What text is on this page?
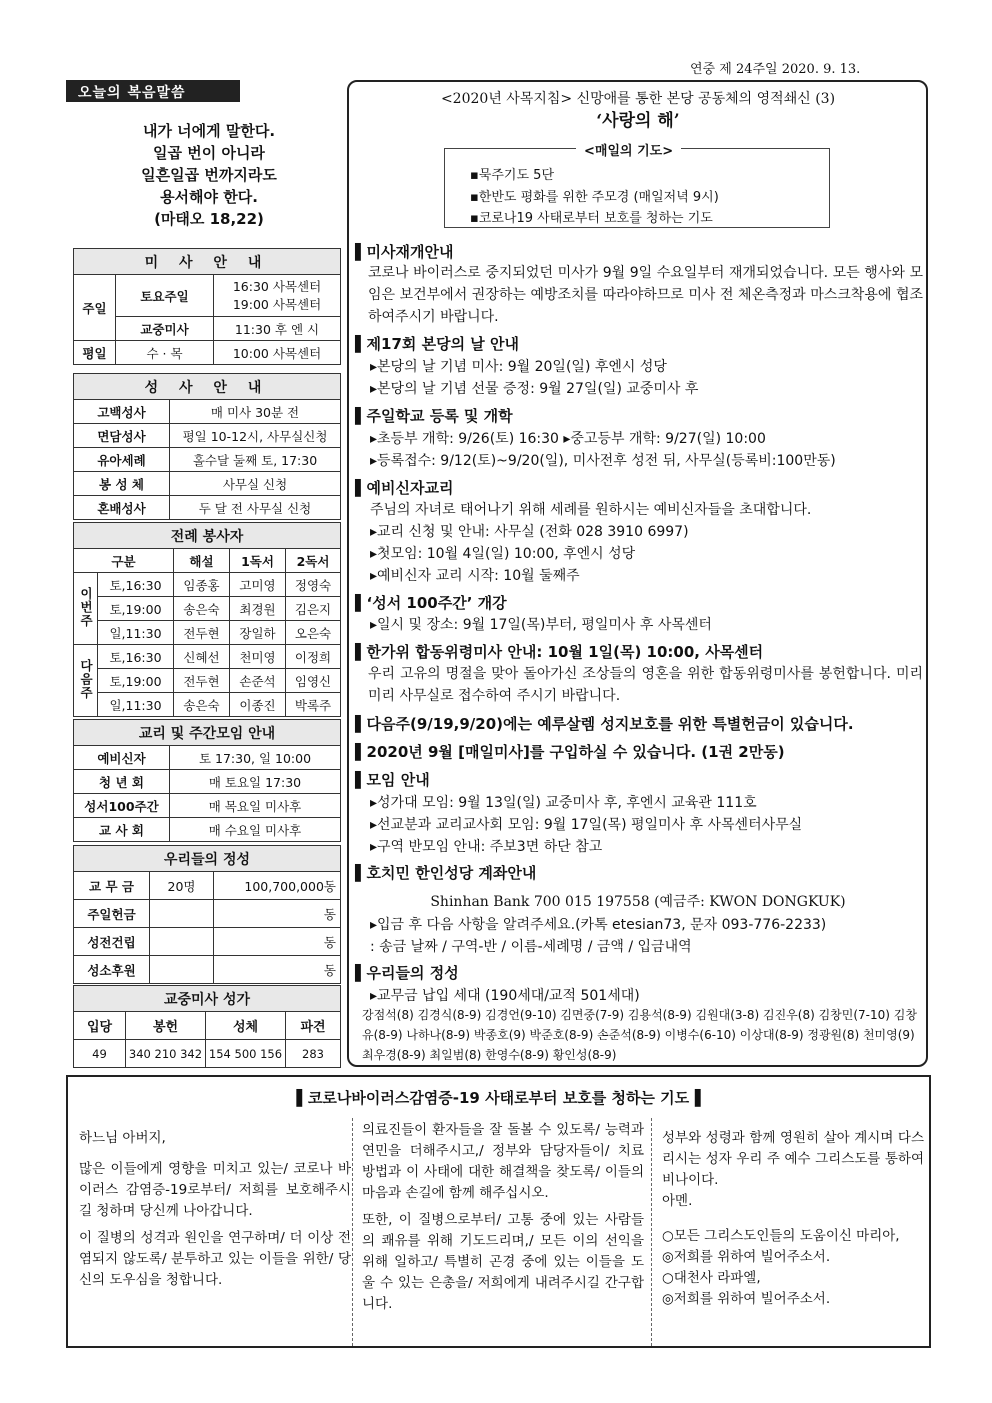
연중 제 24주일 2020. 9. 13.
오늘의 복음말씀
내가 너에게 말한다.
일곱 번이 아니라
일흔일곱 번까지라도
용서해야 한다.
(마태오 18,22)
미 사 안 내		
주일	토요주일	16:30 사목센터
19:00 사목센터

	교중미사	11:30 후 엔 시
평일	수 · 목	10:00 사목센터
성 사 안 내	
고백성사	매 미사 30분 전
면담성사	평일 10-12시, 사무실신청
유아세례	홀수달 둘째 토, 17:30
봉 성 체	사무실 신청
혼배성사	두 달 전 사무실 신청
전례 봉사자				
구분		해설	1독서	2독서
이번주	토,16:30	임종홍	고미영	정영숙
	토,19:00	송은숙	최경원	김은지
	일,11:30	전두현	장일하	오은숙
다음주	토,16:30	신혜선	천미영	이정희
	토,19:00	전두현	손준석	임영신
	일,11:30	송은숙	이종진	박록주
교리 및 주간모임 안내	
예비신자	토 17:30, 일 10:00
청 년 회	매 토요일 17:30
성서100주간	매 목요일 미사후
교 사 회	매 수요일 미사후
우리들의 정성		
교 무 금	20명	100,700,000동
주일헌금		동
성전건립		동
성소후원		동
교중미사 성가			
입당	봉헌	성체	파견
49	340 210 342	154 500 156	283
<2020년 사목지침> 신망애를 통한 본당 공동체의 영적쇄신 (3)
‘사랑의 해’
<매일의 기도>
▪묵주기도 5단
▪한반도 평화를 위한 주모경 (매일저녁 9시)
▪코로나19 사태로부터 보호를 청하는 기도
▌미사재개안내
코로나 바이러스로 중지되었던 미사가 9월 9일 수요일부터 재개되었습니다. 모든 행사와 모임은 보건부에서 권장하는 예방조치를 따라야하므로 미사 전 체온측정과 마스크착용에 협조하여주시기 바랍니다.
▌제17회 본당의 날 안내
▸본당의 날 기념 미사: 9월 20일(일) 후엔시 성당
▸본당의 날 기념 선물 증정: 9월 27일(일) 교중미사 후
▌주일학교 등록 및 개학
▸초등부 개학: 9/26(토) 16:30 ▸중고등부 개학: 9/27(일) 10:00
▸등록접수: 9/12(토)~9/20(일), 미사전후 성전 뒤, 사무실(등록비:100만동)
▌예비신자교리
주님의 자녀로 태어나기 위해 세례를 원하시는 예비신자들을 초대합니다.
▸교리 신청 및 안내: 사무실 (전화 028 3910 6997)
▸첫모임: 10월 4일(일) 10:00, 후엔시 성당
▸예비신자 교리 시작: 10월 둘째주
▌‘성서 100주간’ 개강
▸일시 및 장소: 9월 17일(목)부터, 평일미사 후 사목센터
▌한가위 합동위령미사 안내: 10월 1일(목) 10:00, 사목센터
우리 고유의 명절을 맞아 돌아가신 조상들의 영혼을 위한 합동위령미사를 봉헌합니다. 미리 미리 사무실로 접수하여 주시기 바랍니다.
▌다음주(9/19,9/20)에는 예루살렘 성지보호를 위한 특별헌금이 있습니다.
▌2020년 9월 [매일미사]를 구입하실 수 있습니다. (1권 2만동)
▌모임 안내
▸성가대 모임: 9월 13일(일) 교중미사 후, 후엔시 교육관 111호
▸선교분과 교리교사회 모임: 9월 17일(목) 평일미사 후 사목센터사무실
▸구역 반모임 안내: 주보3면 하단 참고
▌호치민 한인성당 계좌안내
Shinhan Bank 700 015 197558 (예금주: KWON DONGKUK)
▸입금 후 다음 사항을 알려주세요.(카톡 etesian73, 문자 093-776-2233)
: 송금 날짜 / 구역-반 / 이름-세례명 / 금액 / 입금내역
▌우리들의 정성
▸교무금 납입 세대 (190세대/교적 501세대)
강점석(8) 김경식(8-9) 김경언(9-10) 김면중(7-9) 김용석(8-9) 김원대(3-8) 김진우(8) 김창민(7-10) 김창유(8-9) 나하나(8-9) 박종호(9) 박준호(8-9) 손준석(8-9) 이병수(6-10) 이상대(8-9) 정광원(8) 천미영(9) 최우경(8-9) 최일범(8) 한영수(8-9) 황인성(8-9)
▌코로나바이러스감염증-19 사태로부터 보호를 청하는 기도▐

하느님 아버지,

많은 이들에게 영향을 미치고 있는/ 코로나 바이러스 감염증-19로부터/ 저희를 보호해주시길 청하며 당신께 나아갑니다.

이 질병의 성격과 원인을 연구하며/ 더 이상 전염되지 않도록/ 분투하고 있는 이들을 위한/ 당신의 도우심을 청합니다.

의료진들이 환자들을 잘 돌볼 수 있도록/ 능력과 연민을 더해주시고,/ 정부와 담당자들이/ 치료 방법과 이 사태에 대한 해결책을 찾도록/ 이들의 마음과 손길에 함께 해주십시오.

또한, 이 질병으로부터/ 고통 중에 있는 사람들의 쾌유를 위해 기도드리며,/ 모든 이의 선익을 위해 일하고/ 특별히 곤경 중에 있는 이들을 도울 수 있는 은총을/ 저희에게 내려주시길 간구합니다.

성부와 성령과 함께 영원히 살아 계시며 다스리시는 성자 우리 주 예수 그리스도를 통하여 비나이다.

아멘.

○모든 그리스도인들의 도움이신 마리아,

◎저희를 위하여 빌어주소서.

○대천사 라파엘,

◎저희를 위하여 빌어주소서.
